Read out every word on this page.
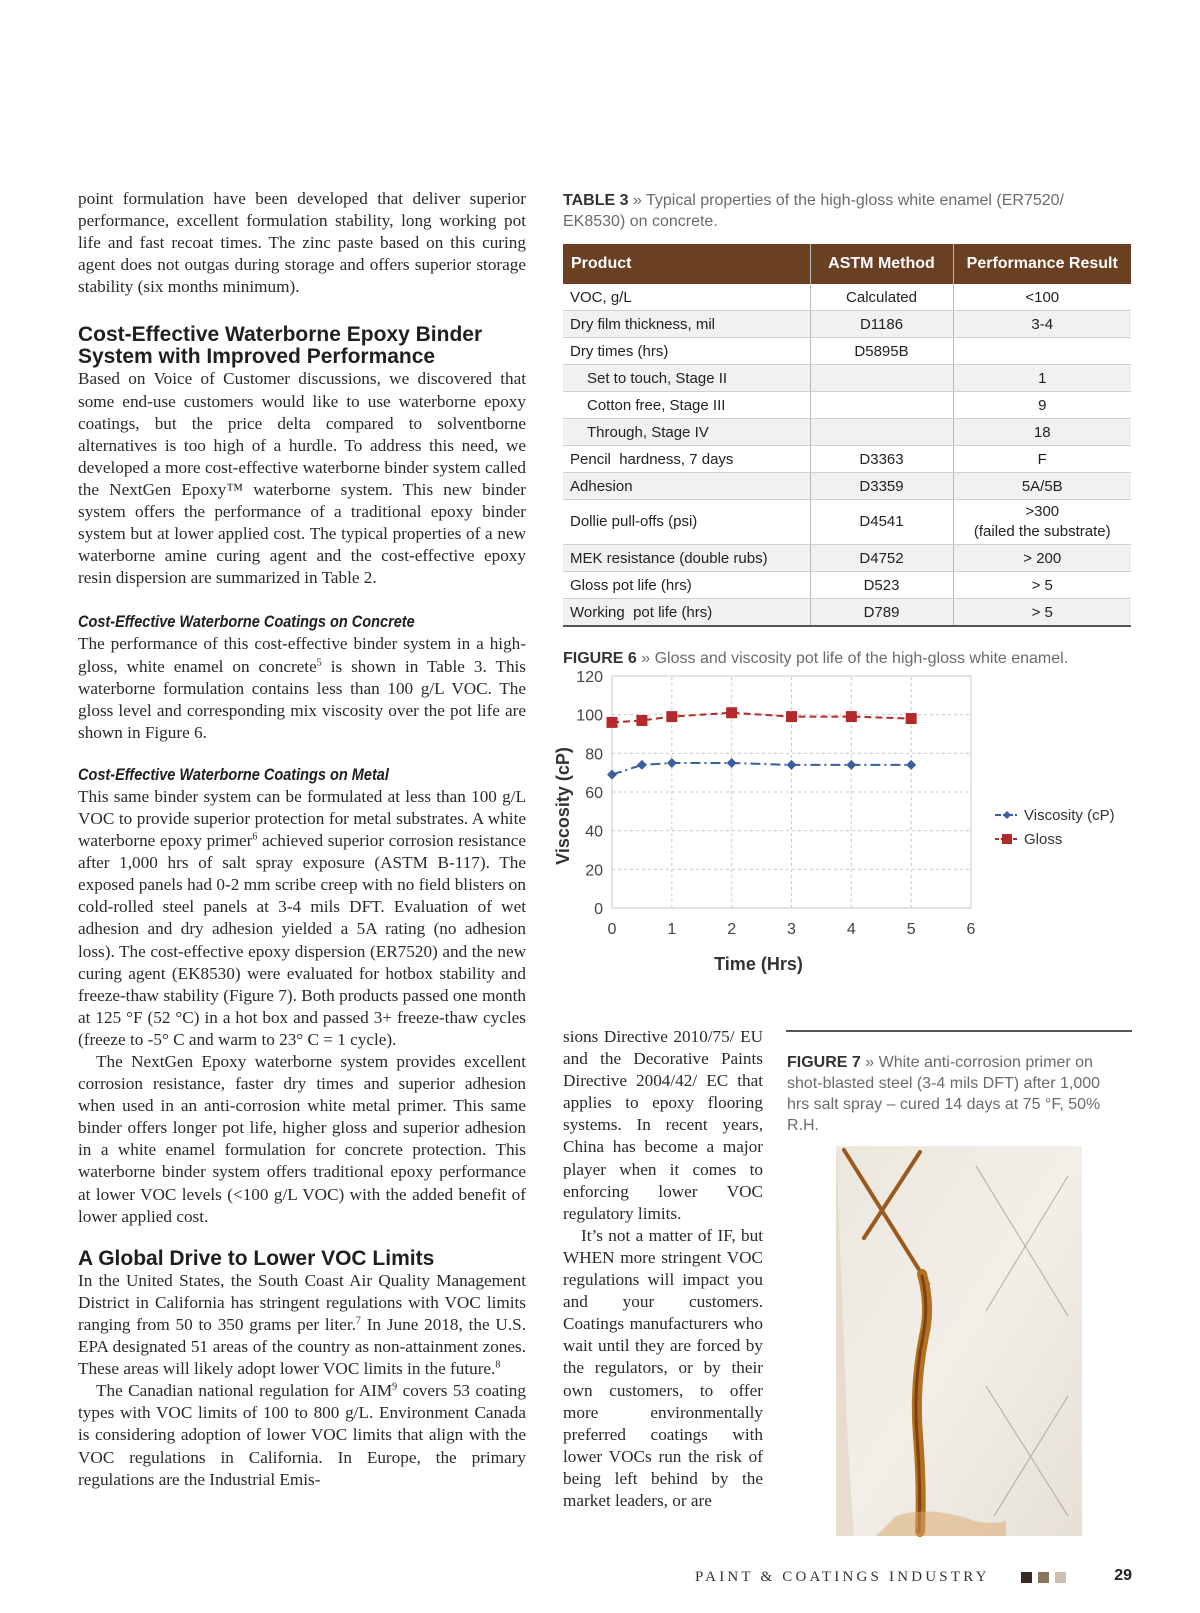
point formulation have been developed that deliver superior performance, excellent formulation stability, long working pot life and fast recoat times. The zinc paste based on this curing agent does not outgas during storage and offers superior storage stability (six months minimum).

Cost-Effective Waterborne Epoxy Binder System with Improved Performance

Based on Voice of Customer discussions, we discovered that some end-use customers would like to use waterborne epoxy coatings, but the price delta compared to solventborne alternatives is too high of a hurdle. To address this need, we developed a more cost-effective waterborne binder system called the NextGen Epoxy™ waterborne system. This new binder system offers the performance of a traditional epoxy binder system but at lower applied cost. The typical properties of a new waterborne amine curing agent and the cost-effective epoxy resin dispersion are summarized in Table 2.

Cost-Effective Waterborne Coatings on Concrete

The performance of this cost-effective binder system in a high-gloss, white enamel on concrete$^5$ is shown in Table 3. This waterborne formulation contains less than 100 g/L VOC. The gloss level and corresponding mix viscosity over the pot life are shown in Figure 6.

Cost-Effective Waterborne Coatings on Metal

This same binder system can be formulated at less than 100 g/L VOC to provide superior protection for metal substrates. A white waterborne epoxy primer$^6$ achieved superior corrosion resistance after 1,000 hrs of salt spray exposure (ASTM B-117). The exposed panels had 0-2 mm scribe creep with no field blisters on cold-rolled steel panels at 3-4 mils DFT. Evaluation of wet adhesion and dry adhesion yielded a 5A rating (no adhesion loss). The cost-effective epoxy dispersion (ER7520) and the new curing agent (EK8530) were evaluated for hotbox stability and freeze-thaw stability (Figure 7). Both products passed one month at 125 °F (52 °C) in a hot box and passed 3+ freeze-thaw cycles (freeze to -5° C and warm to 23° C = 1 cycle).

The NextGen Epoxy waterborne system provides excellent corrosion resistance, faster dry times and superior adhesion when used in an anti-corrosion white metal primer. This same binder offers longer pot life, higher gloss and superior adhesion in a white enamel formulation for concrete protection. This waterborne binder system offers traditional epoxy performance at lower VOC levels (<100 g/L VOC) with the added benefit of lower applied cost.

A Global Drive to Lower VOC Limits

In the United States, the South Coast Air Quality Management District in California has stringent regulations with VOC limits ranging from 50 to 350 grams per liter.$^7$ In June 2018, the U.S. EPA designated 51 areas of the country as non-attainment zones. These areas will likely adopt lower VOC limits in the future.$^8$

The Canadian national regulation for AIM$^9$ covers 53 coating types with VOC limits of 100 to 800 g/L. Environment Canada is considering adoption of lower VOC limits that align with the VOC regulations in California. In Europe, the primary regulations are the Industrial Emis-

TABLE 3 » Typical properties of the high-gloss white enamel (ER7520/ EK8530) on concrete.
Product	ASTM Method	Performance Result
VOC, g/L	Calculated	<100
Dry film thickness, mil	D1186	3-4
Dry times (hrs)	D5895B	
Set to touch, Stage II		1
Cotton free, Stage III		9
Through, Stage IV		18
Pencil  hardness, 7 days	D3363	F
Adhesion	D3359	5A/5B
Dollie pull-offs (psi)	D4541	>300
(failed the substrate)
MEK resistance (double rubs)	D4752	> 200
Gloss pot life (hrs)	D523	> 5
Working  pot life (hrs)	D789	> 5
FIGURE 6 » Gloss and viscosity pot life of the high-gloss white enamel.
0
20
40
60
80
100
120
0	1	2	3	4	5	6
Time (Hrs)
Viscosity (cP)	Viscosity (cP)
Gloss

sions Directive 2010/75/ EU and the Decorative Paints Directive 2004/42/ EC that applies to epoxy flooring systems. In recent years, China has become a major player when it comes to enforcing lower VOC regulatory limits.

It’s not a matter of IF, but WHEN more stringent VOC regulations will impact you and your customers. Coatings manufacturers who wait until they are forced by the regulators, or by their own customers, to offer more environmentally preferred coatings with lower VOCs run the risk of being left behind by the market leaders, or are

FIGURE 7 » White anti-corrosion primer on shot-blasted steel (3-4 mils DFT) after 1,000 hrs salt spray – cured 14 days at 75 °F, 50% R.H.
PAINT & COATINGS INDUSTRY	29
